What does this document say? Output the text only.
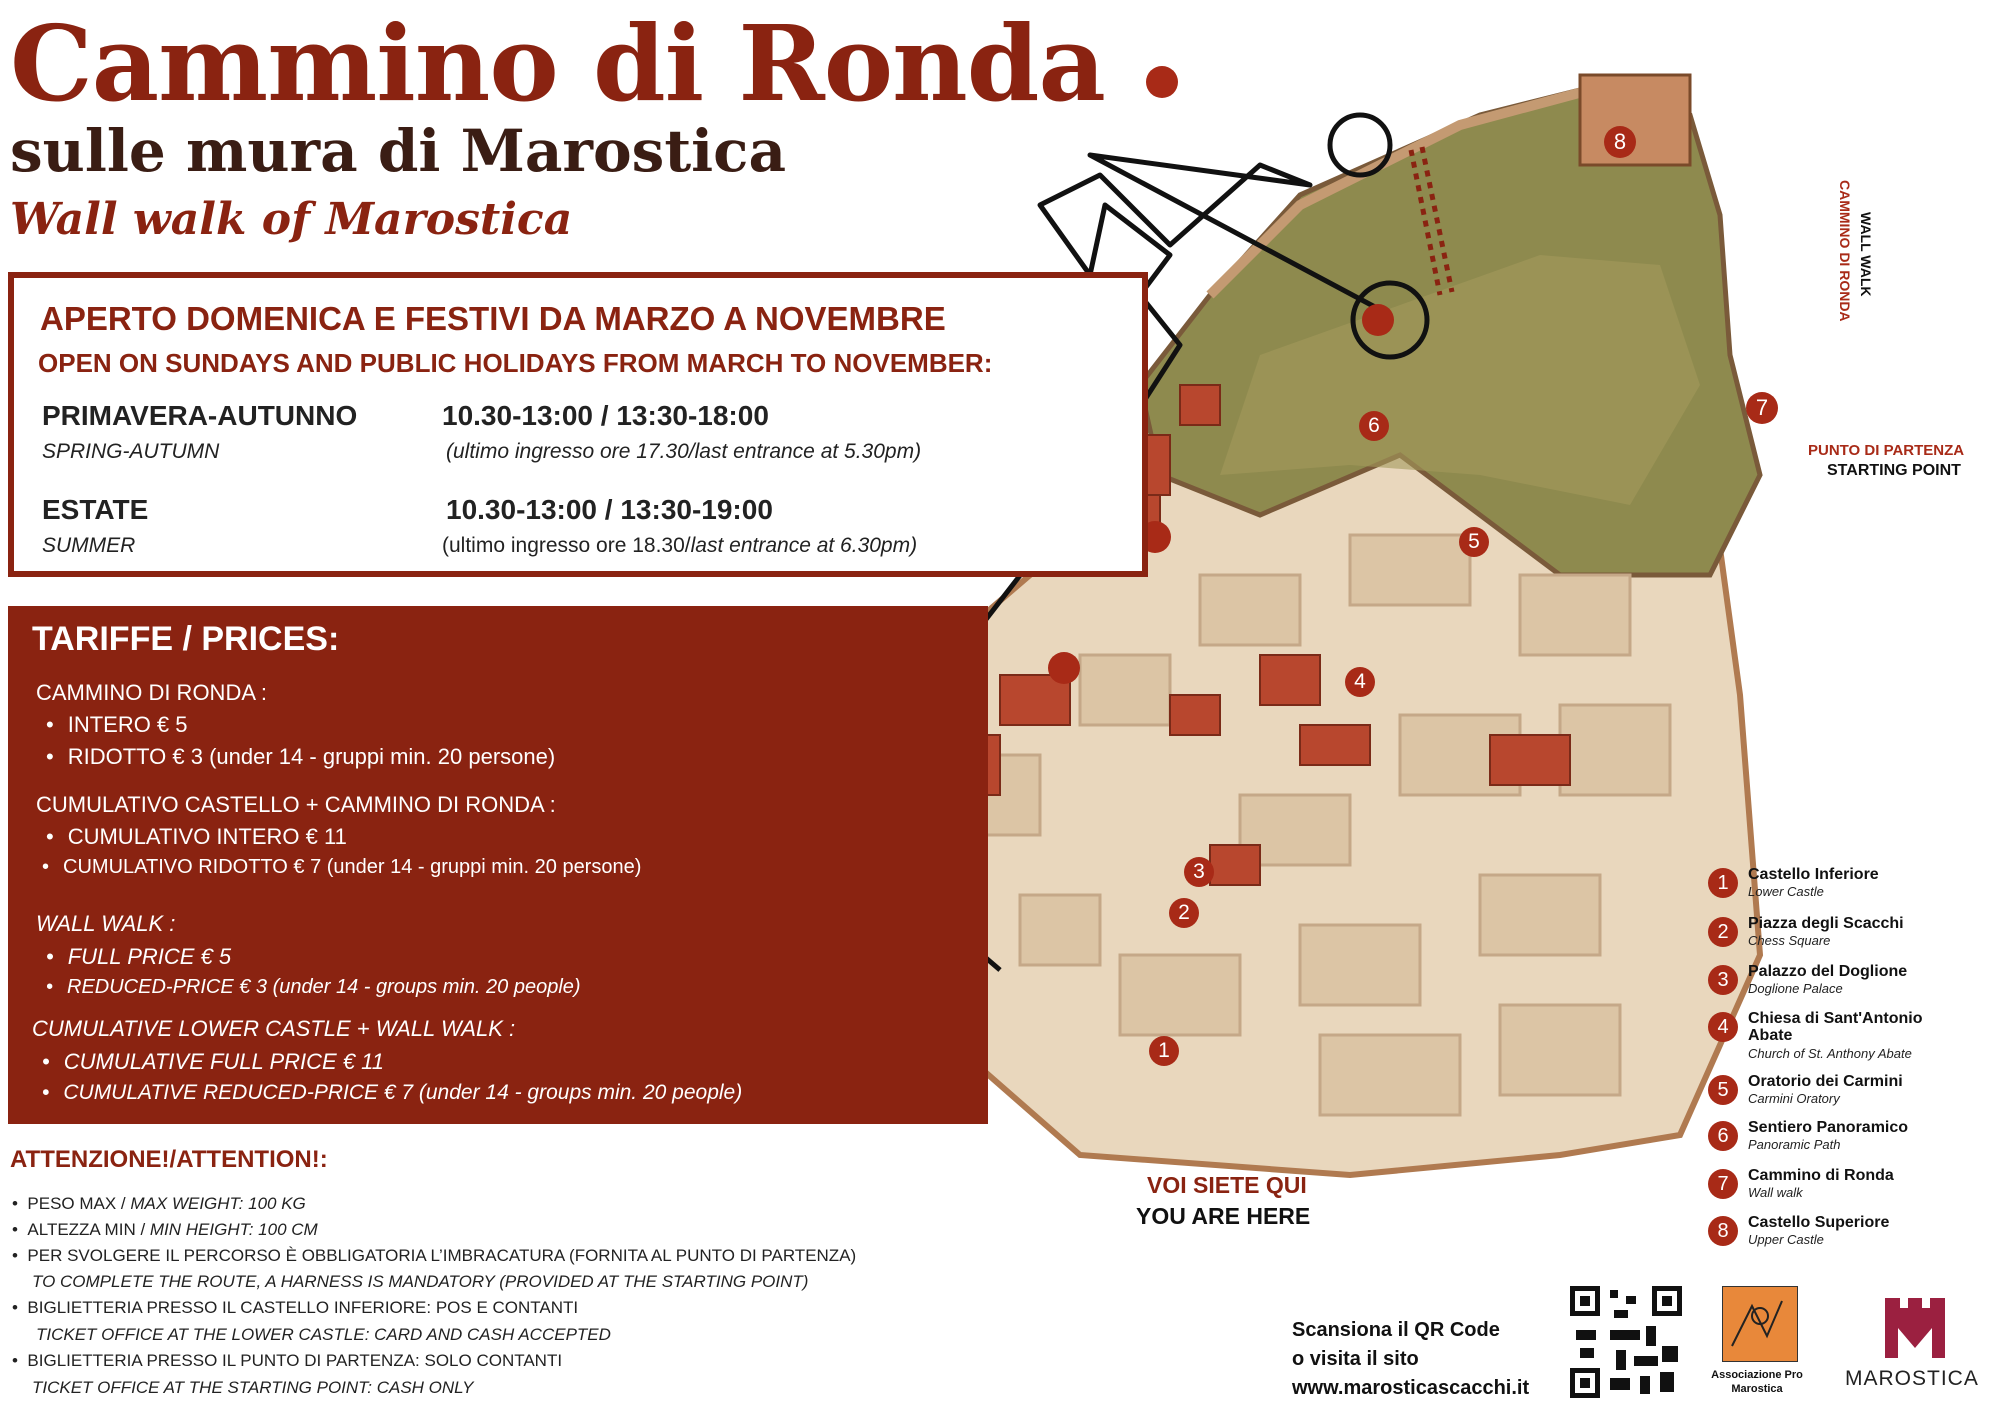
8
7
6
5
4
3
2
1
Cammino di Ronda
sulle mura di Marostica
Wall walk of Marostica
APERTO DOMENICA E FESTIVI DA MARZO A NOVEMBRE
OPEN ON SUNDAYS AND PUBLIC HOLIDAYS FROM MARCH TO NOVEMBER:
PRIMAVERA-AUTUNNO
SPRING-AUTUMN
10.30-13:00 / 13:30-18:00
(ultimo ingresso ore 17.30/last entrance at 5.30pm)
ESTATE
SUMMER
10.30-13:00 / 13:30-19:00
(ultimo ingresso ore 18.30/last entrance at 6.30pm)
TARIFFE / PRICES:
CAMMINO DI RONDA :
• INTERO € 5
• RIDOTTO € 3 (under 14 - gruppi min. 20 persone)
CUMULATIVO CASTELLO + CAMMINO DI RONDA :
• CUMULATIVO INTERO € 11
• CUMULATIVO RIDOTTO € 7 (under 14 - gruppi min. 20 persone)
WALL WALK :
• FULL PRICE € 5
• REDUCED-PRICE € 3 (under 14 - groups min. 20 people)
CUMULATIVE LOWER CASTLE + WALL WALK :
• CUMULATIVE FULL PRICE € 11
• CUMULATIVE REDUCED-PRICE € 7 (under 14 - groups min. 20 people)
ATTENZIONE!/ATTENTION!:
•  PESO MAX / MAX WEIGHT: 100 KG
•  ALTEZZA MIN / MIN HEIGHT: 100 CM
•  PER SVOLGERE IL PERCORSO È OBBLIGATORIA L’IMBRACATURA (FORNITA AL PUNTO DI PARTENZA)
TO COMPLETE THE ROUTE, A HARNESS IS MANDATORY (PROVIDED AT THE STARTING POINT)
•  BIGLIETTERIA PRESSO IL CASTELLO INFERIORE: POS E CONTANTI
TICKET OFFICE AT THE LOWER CASTLE: CARD AND CASH ACCEPTED
•  BIGLIETTERIA PRESSO IL PUNTO DI PARTENZA: SOLO CONTANTI
TICKET OFFICE AT THE STARTING POINT: CASH ONLY
VOI SIETE QUI
YOU ARE HERE
PUNTO DI PARTENZA
STARTING POINT
CAMMINO DI RONDA WALL WALK
1	Castello Inferiore
Lower Castle
2	Piazza degli Scacchi
Chess Square
3	Palazzo del Doglione
Doglione Palace
4	Chiesa di Sant'Antonio Abate
Church of St. Anthony Abate
5	Oratorio dei Carmini
Carmini Oratory
6	Sentiero Panoramico
Panoramic Path
7	Cammino di Ronda
Wall walk
8	Castello Superiore
Upper Castle
Scansiona il QR Code
o visita il sito
www.marosticascacchi.it
Associazione Pro Marostica	MAROSTICA
